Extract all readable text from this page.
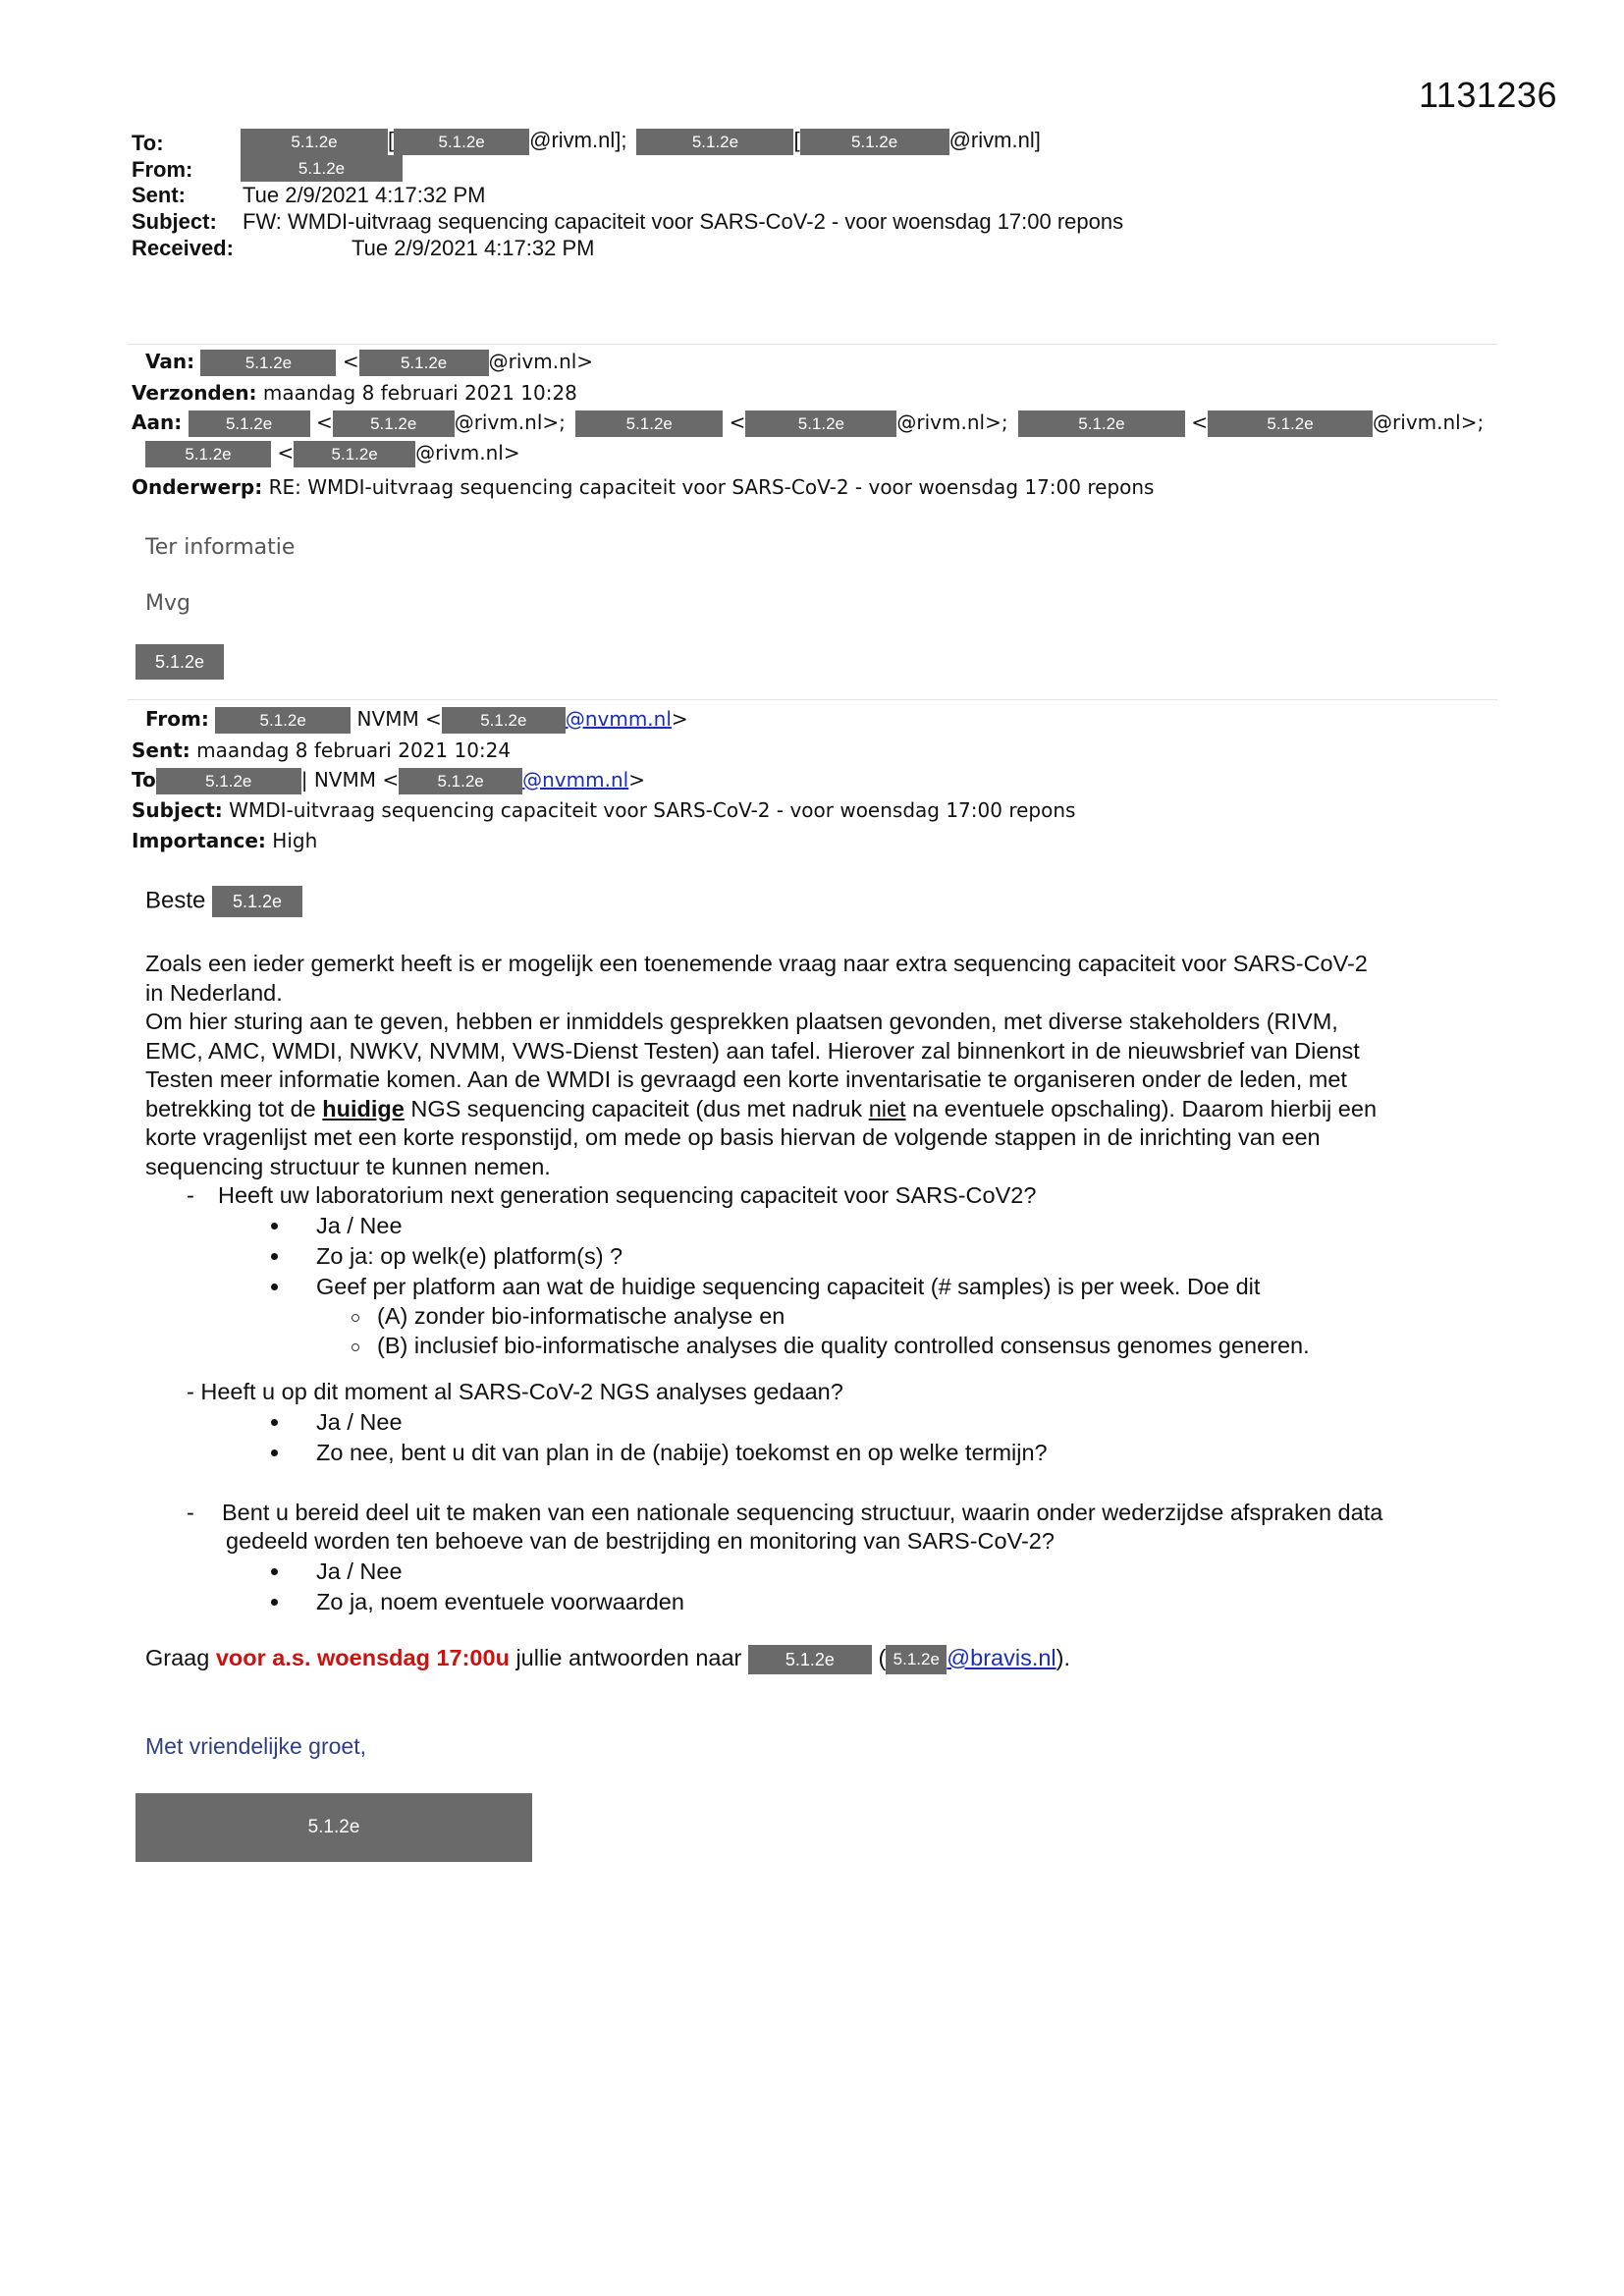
1131236
To:	5.1.2e [	5.1.2e @rivm.nl];	5.1.2e	[	5.1.2e @rivm.nl]
From:	5.1.2e
Sent:	Tue 2/9/2021 4:17:32 PM
Subject: FW: WMDI-uitvraag sequencing capaciteit voor SARS-CoV-2 - voor woensdag 17:00 repons
Received:	Tue 2/9/2021 4:17:32 PM
Van:	5.1.2e	< 5.1.2e @rivm.nl>
Verzonden: maandag 8 februari 2021 10:28
Aan:	5.1.2e < 5.1.2e @rivm.nl>;	5.1.2e	<	5.1.2e	@rivm.nl>;	5.1.2e	<	5.1.2e	@rivm.nl>;
5.1.2e < 5.1.2e @rivm.nl>
Onderwerp: RE: WMDI-uitvraag sequencing capaciteit voor SARS-CoV-2 - voor woensdag 17:00 repons
Ter informatie
Mvg
5.1.2e
From:	5.1.2e	NVMM < 5.1.2e @nvmm.nl>
Sent: maandag 8 februari 2021 10:24
To	5.1.2e	| NVMM < 5.1.2e @nvmm.nl>
Subject: WMDI-uitvraag sequencing capaciteit voor SARS-CoV-2 - voor woensdag 17:00 repons
Importance: High
Beste 5.1.2e

Zoals een ieder gemerkt heeft is er mogelijk een toenemende vraag naar extra sequencing capaciteit voor SARS-CoV-2

in Nederland.

Om hier sturing aan te geven, hebben er inmiddels gesprekken plaatsen gevonden, met diverse stakeholders (RIVM,

EMC, AMC, WMDI, NWKV, NVMM, VWS-Dienst Testen) aan tafel. Hierover zal binnenkort in de nieuwsbrief van Dienst

Testen meer informatie komen. Aan de WMDI is gevraagd een korte inventarisatie te organiseren onder de leden, met

betrekking tot de huidige NGS sequencing capaciteit (dus met nadruk niet na eventuele opschaling). Daarom hierbij een

korte vragenlijst met een korte responstijd, om mede op basis hiervan de volgende stappen in de inrichting van een

sequencing structuur te kunnen nemen.

- Heeft uw laboratorium next generation sequencing capaciteit voor SARS-CoV2?
Ja / Nee
Zo ja: op welk(e) platform(s) ?
Geef per platform aan wat de huidige sequencing capaciteit (# samples) is per week. Doe dit
(A) zonder bio-informatische analyse en
(B) inclusief bio-informatische analyses die quality controlled consensus genomes generen.
- Heeft u op dit moment al SARS-CoV-2 NGS analyses gedaan?
Ja / Nee
Zo nee, bent u dit van plan in de (nabije) toekomst en op welke termijn?
- Bent u bereid deel uit te maken van een nationale sequencing structuur, waarin onder wederzijdse afspraken data
gedeeld worden ten behoeve van de bestrijding en monitoring van SARS-CoV-2?
Ja / Nee
Zo ja, noem eventuele voorwaarden
Graag voor a.s. woensdag 17:00u jullie antwoorden naar 5.1.2e ( 5.1.2e @bravis.nl).
Met vriendelijke groet,
5.1.2e
